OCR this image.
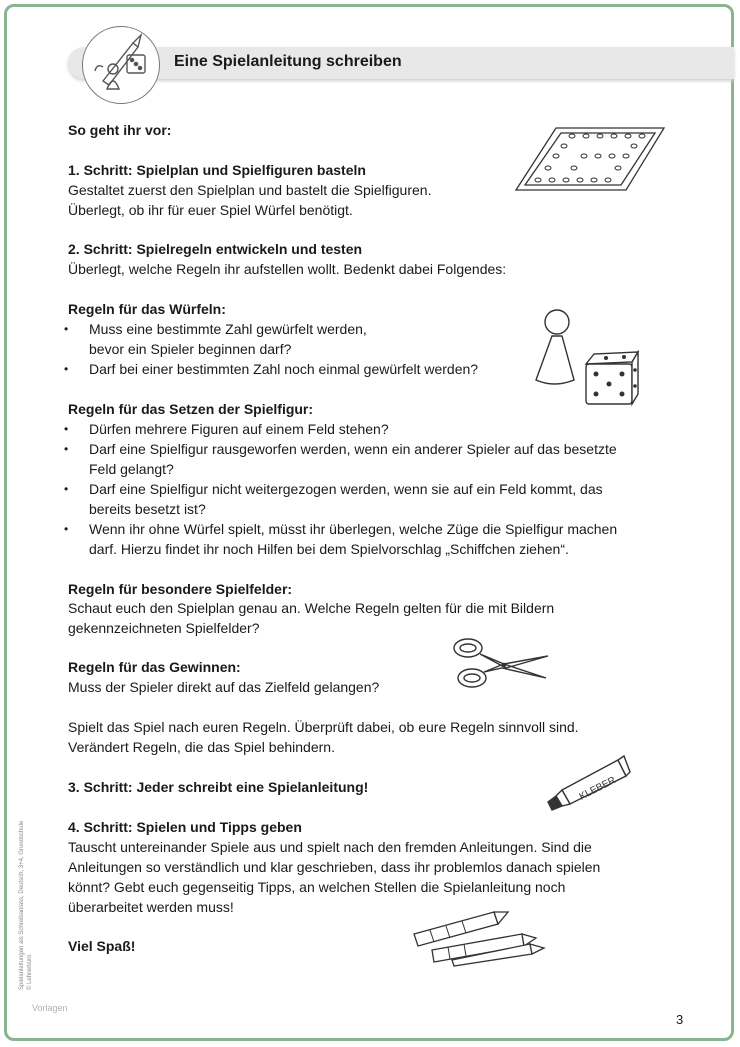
Eine Spielanleitung schreiben
So geht ihr vor:
1. Schritt: Spielplan und Spielfiguren basteln
Gestaltet zuerst den Spielplan und bastelt die Spielfiguren.
Überlegt, ob ihr für euer Spiel Würfel benötigt.
2. Schritt: Spielregeln entwickeln und testen
Überlegt, welche Regeln ihr aufstellen wollt. Bedenkt dabei Folgendes:
Regeln für das Würfeln:
• Muss eine bestimmte Zahl gewürfelt werden,
bevor ein Spieler beginnen darf?
• Darf bei einer bestimmten Zahl noch einmal gewürfelt werden?
Regeln für das Setzen der Spielfigur:
• Dürfen mehrere Figuren auf einem Feld stehen?
• Darf eine Spielfigur rausgeworfen werden, wenn ein anderer Spieler auf das besetzte
Feld gelangt?
• Darf eine Spielfigur nicht weitergezogen werden, wenn sie auf ein Feld kommt, das
bereits besetzt ist?
• Wenn ihr ohne Würfel spielt, müsst ihr überlegen, welche Züge die Spielfigur machen
darf. Hierzu findet ihr noch Hilfen bei dem Spielvorschlag „Schiffchen ziehen“.
Regeln für besondere Spielfelder:
Schaut euch den Spielplan genau an. Welche Regeln gelten für die mit Bildern
gekennzeichneten Spielfelder?
Regeln für das Gewinnen:
Muss der Spieler direkt auf das Zielfeld gelangen?
Spielt das Spiel nach euren Regeln. Überprüft dabei, ob eure Regeln sinnvoll sind.
Verändert Regeln, die das Spiel behindern.
3. Schritt: Jeder schreibt eine Spielanleitung!
4. Schritt: Spielen und Tipps geben
Tauscht untereinander Spiele aus und spielt nach den fremden Anleitungen. Sind die
Anleitungen so verständlich und klar geschrieben, dass ihr problemlos danach spielen
könnt? Gebt euch gegenseitig Tipps, an welchen Stellen die Spielanleitung noch
überarbeitet werden muss!
Viel Spaß!
KLEBER
Spielanleitungen als Schreibanlass, Deutsch, 3+4, Grundschule © Lehrerbüro
Vorlagen
3
